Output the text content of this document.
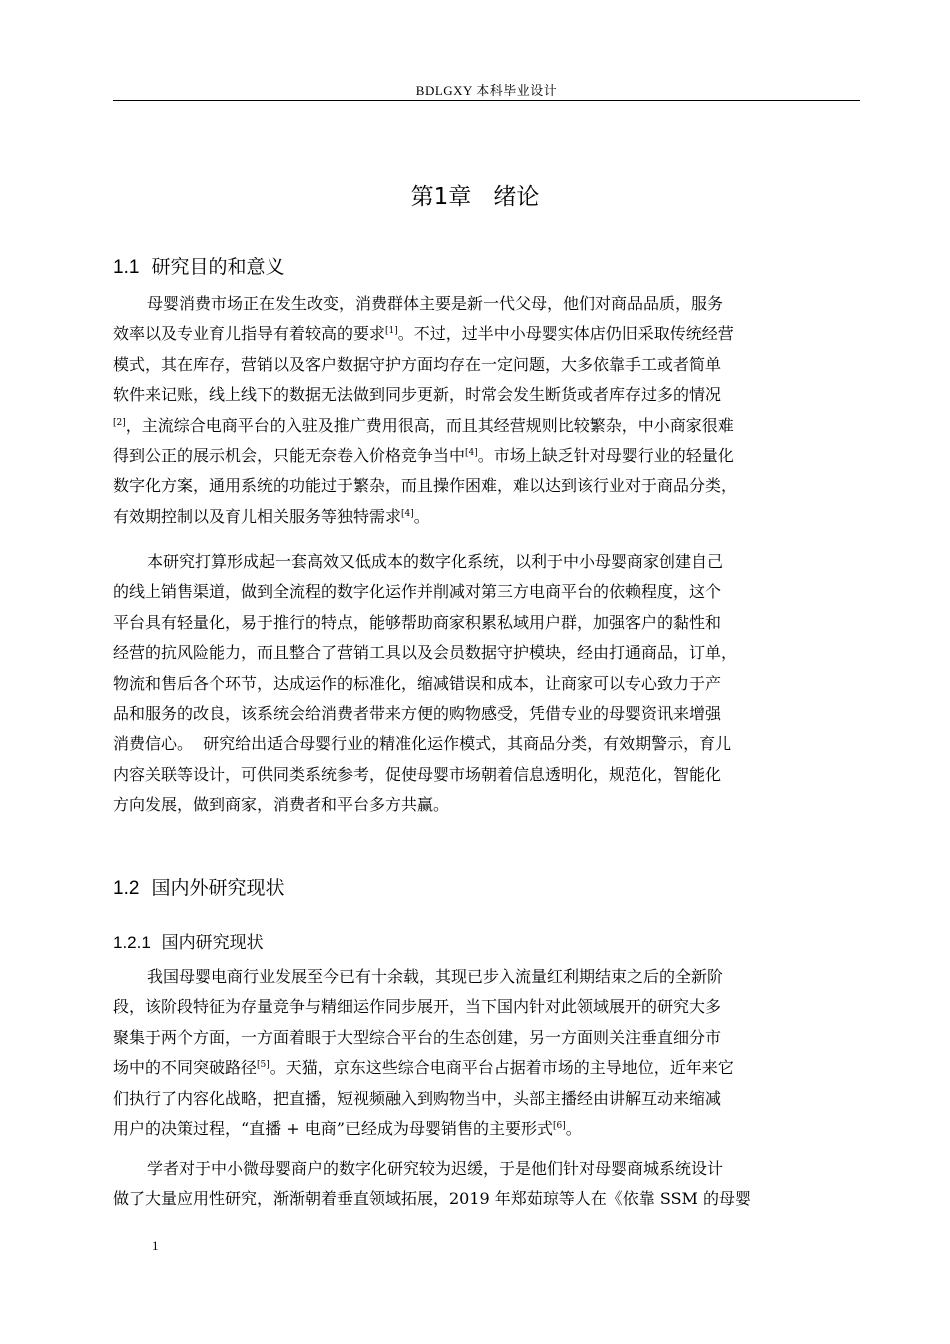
BDLGXY 本科毕业设计
第1章 绪论
1.1 研究目的和意义
母婴消费市场正在发生改变，消费群体主要是新一代父母，他们对商品品质，服务
效率以及专业育儿指导有着较高的要求[1]。不过，过半中小母婴实体店仍旧采取传统经营
模式，其在库存，营销以及客户数据守护方面均存在一定问题，大多依靠手工或者简单
软件来记账，线上线下的数据无法做到同步更新，时常会发生断货或者库存过多的情况
[2]，主流综合电商平台的入驻及推广费用很高，而且其经营规则比较繁杂，中小商家很难
得到公正的展示机会，只能无奈卷入价格竞争当中[4]。市场上缺乏针对母婴行业的轻量化
数字化方案，通用系统的功能过于繁杂，而且操作困难，难以达到该行业对于商品分类，
有效期控制以及育儿相关服务等独特需求[4]。
本研究打算形成起一套高效又低成本的数字化系统，以利于中小母婴商家创建自己
的线上销售渠道，做到全流程的数字化运作并削减对第三方电商平台的依赖程度，这个
平台具有轻量化，易于推行的特点，能够帮助商家积累私域用户群，加强客户的黏性和
经营的抗风险能力，而且整合了营销工具以及会员数据守护模块，经由打通商品，订单，
物流和售后各个环节，达成运作的标准化，缩减错误和成本，让商家可以专心致力于产
品和服务的改良，该系统会给消费者带来方便的购物感受，凭借专业的母婴资讯来增强
消费信心。  研究给出适合母婴行业的精准化运作模式，其商品分类，有效期警示，育儿
内容关联等设计，可供同类系统参考，促使母婴市场朝着信息透明化，规范化，智能化
方向发展，做到商家，消费者和平台多方共赢。
1.2 国内外研究现状
1.2.1 国内研究现状
我国母婴电商行业发展至今已有十余载，其现已步入流量红利期结束之后的全新阶
段，该阶段特征为存量竞争与精细运作同步展开，当下国内针对此领域展开的研究大多
聚集于两个方面，一方面着眼于大型综合平台的生态创建，另一方面则关注垂直细分市
场中的不同突破路径[5]。天猫，京东这些综合电商平台占据着市场的主导地位，近年来它
们执行了内容化战略，把直播，短视频融入到购物当中，头部主播经由讲解互动来缩减
用户的决策过程，“直播 + 电商”已经成为母婴销售的主要形式[6]。
学者对于中小微母婴商户的数字化研究较为迟缓，于是他们针对母婴商城系统设计
做了大量应用性研究，渐渐朝着垂直领域拓展，2019 年郑茹琼等人在《依靠 SSM 的母婴
1
